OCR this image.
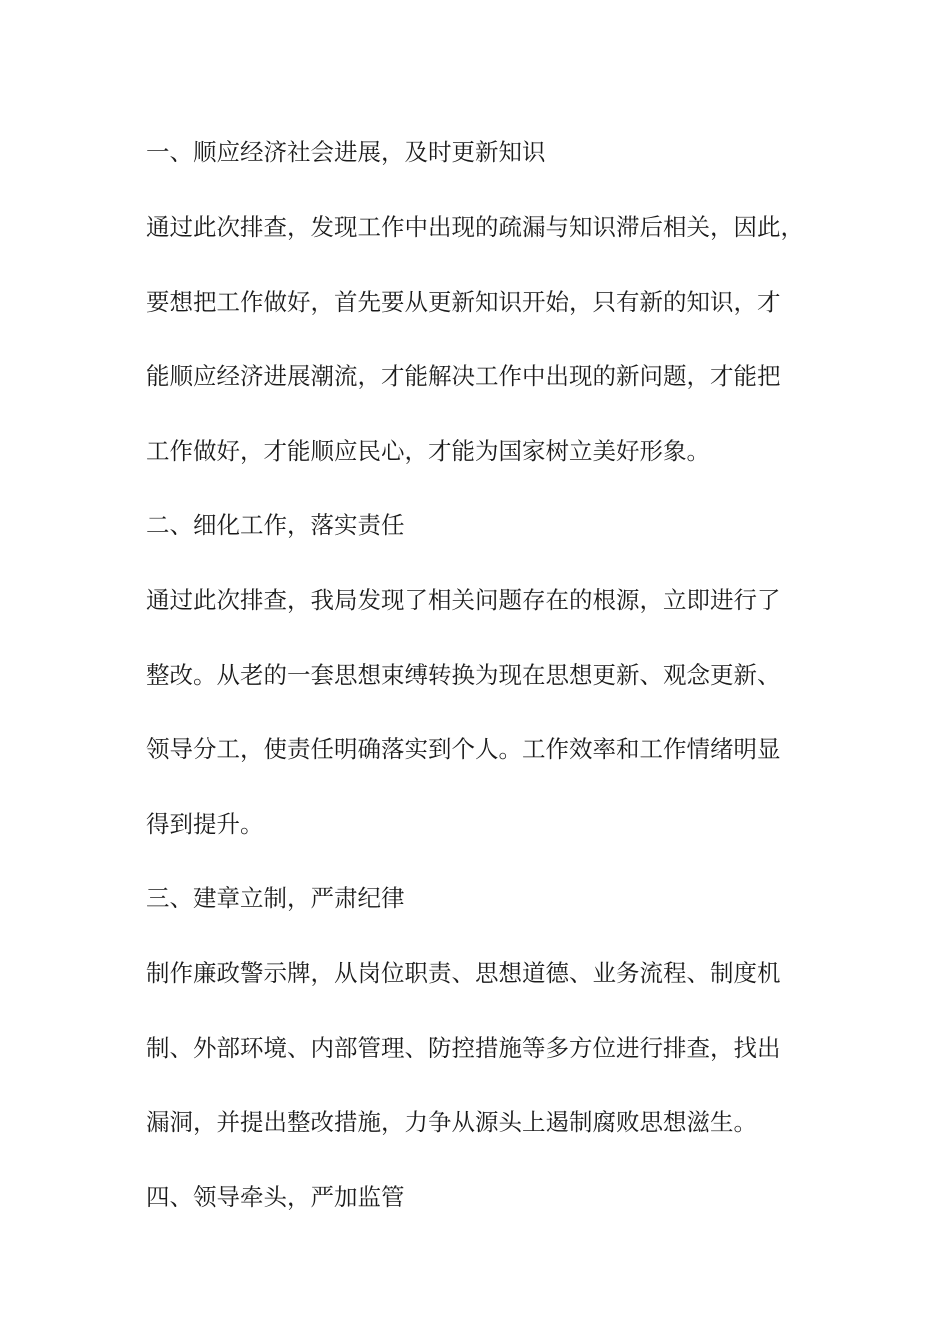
一、顺应经济社会进展，及时更新知识
通过此次排查，发现工作中出现的疏漏与知识滞后相关，因此，
要想把工作做好，首先要从更新知识开始，只有新的知识，才
能顺应经济进展潮流，才能解决工作中出现的新问题，才能把
工作做好，才能顺应民心，才能为国家树立美好形象。
二、细化工作，落实责任
通过此次排查，我局发现了相关问题存在的根源，立即进行了
整改。从老的一套思想束缚转换为现在思想更新、观念更新、
领导分工，使责任明确落实到个人。工作效率和工作情绪明显
得到提升。
三、建章立制，严肃纪律
制作廉政警示牌，从岗位职责、思想道德、业务流程、制度机
制、外部环境、内部管理、防控措施等多方位进行排查，找出
漏洞，并提出整改措施，力争从源头上遏制腐败思想滋生。
四、领导牵头，严加监管
